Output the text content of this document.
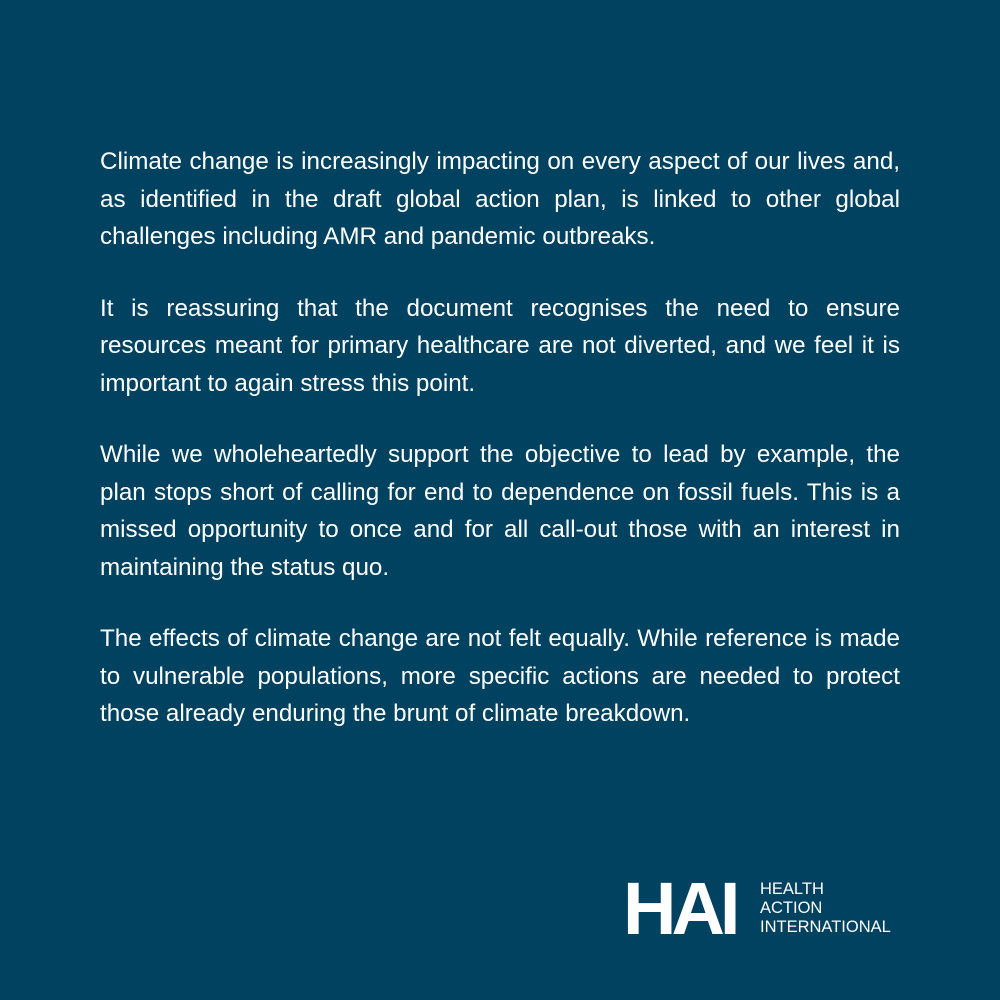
Climate change is increasingly impacting on every aspect of our lives and, as identified in the draft global action plan, is linked to other global challenges including AMR and pandemic outbreaks.

It is reassuring that the document recognises the need to ensure resources meant for primary healthcare are not diverted, and we feel it is important to again stress this point.

While we wholeheartedly support the objective to lead by example, the plan stops short of calling for end to dependence on fossil fuels. This is a missed opportunity to once and for all call-out those with an interest in maintaining the status quo.

The effects of climate change are not felt equally. While reference is made to vulnerable populations, more specific actions are needed to protect those already enduring the brunt of climate breakdown.

HAI HEALTH
ACTION
INTERNATIONAL
